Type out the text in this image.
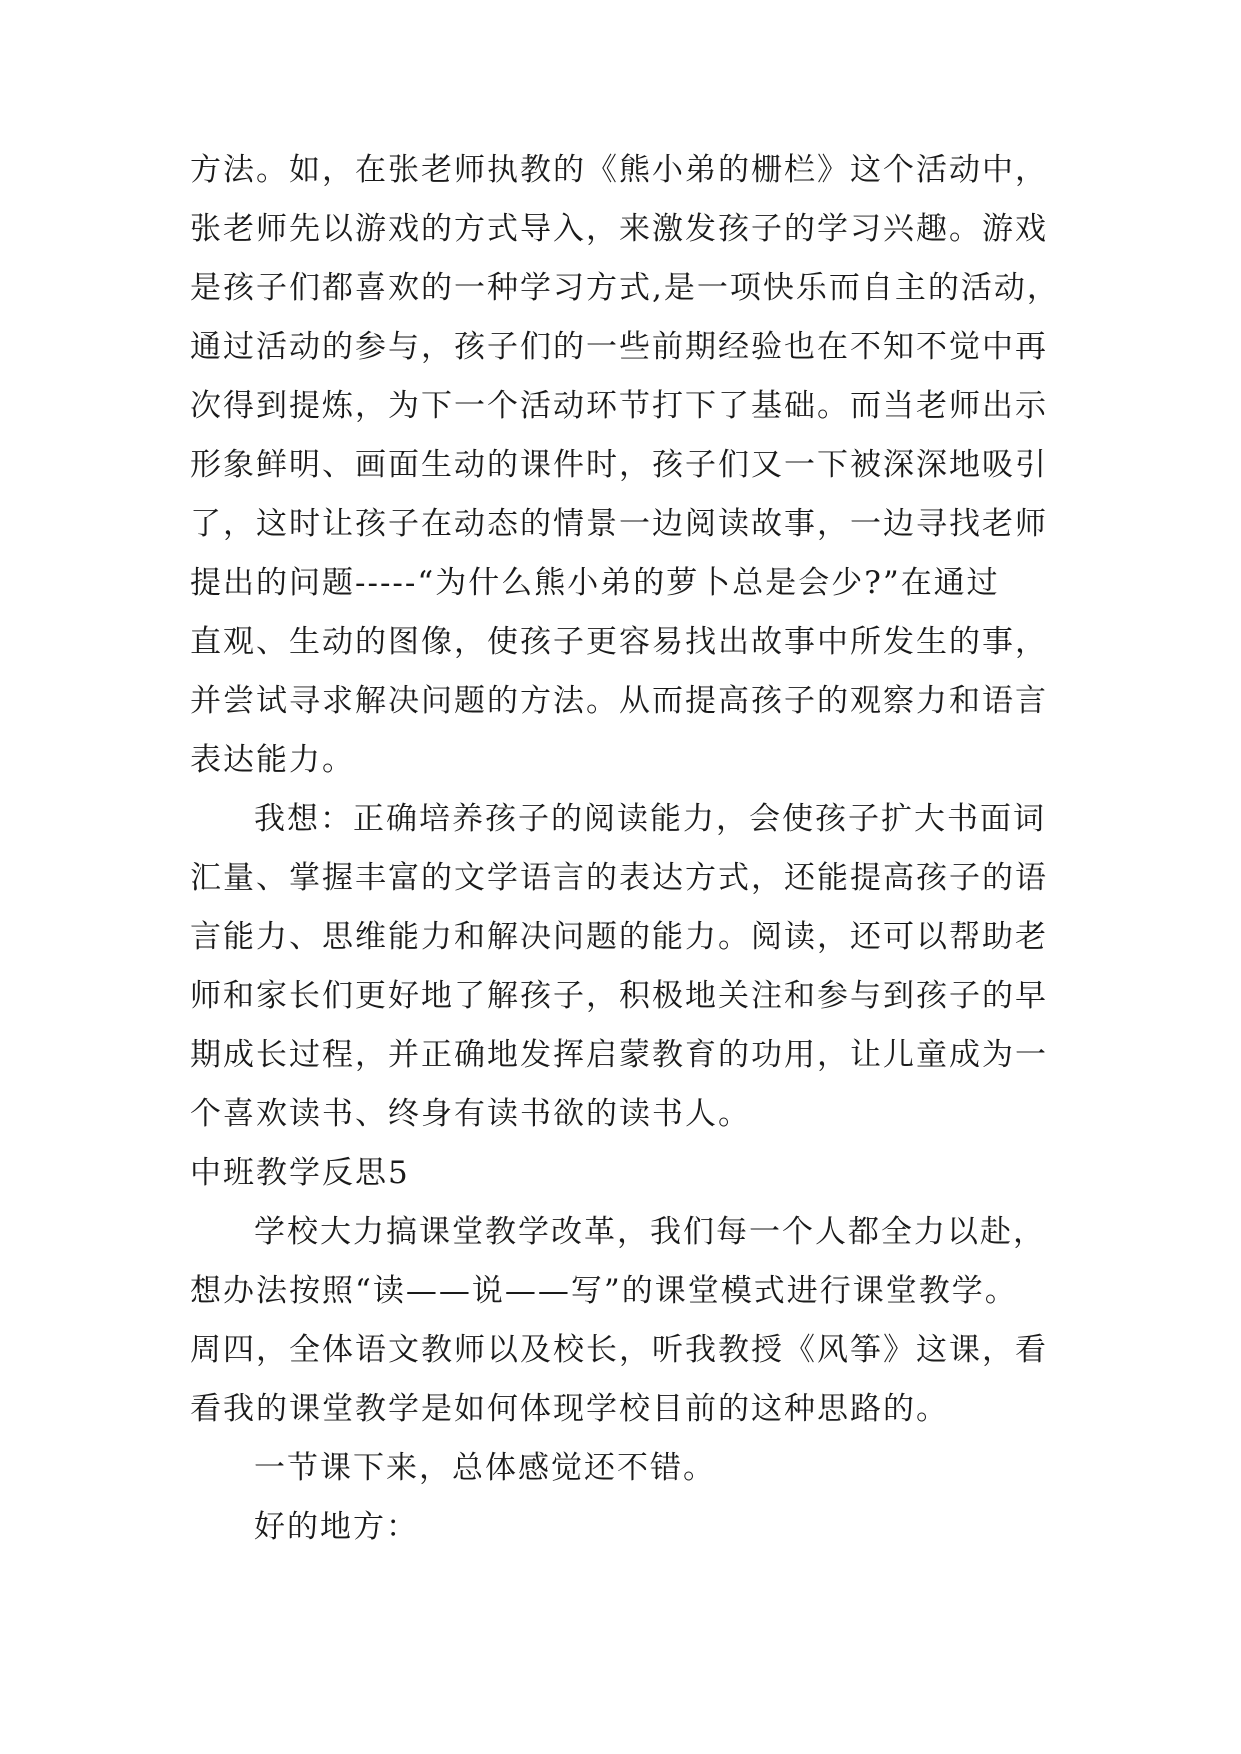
方法。如，在张老师执教的《熊小弟的栅栏》这个活动中，
张老师先以游戏的方式导入，来激发孩子的学习兴趣。游戏
是孩子们都喜欢的一种学习方式,是一项快乐而自主的活动，
通过活动的参与，孩子们的一些前期经验也在不知不觉中再
次得到提炼，为下一个活动环节打下了基础。而当老师出示
形象鲜明、画面生动的课件时，孩子们又一下被深深地吸引
了，这时让孩子在动态的情景一边阅读故事，一边寻找老师
提出的问题-----“为什么熊小弟的萝卜总是会少?”在通过
直观、生动的图像，使孩子更容易找出故事中所发生的事，
并尝试寻求解决问题的方法。从而提高孩子的观察力和语言
表达能力。
我想：正确培养孩子的阅读能力，会使孩子扩大书面词
汇量、掌握丰富的文学语言的表达方式，还能提高孩子的语
言能力、思维能力和解决问题的能力。阅读，还可以帮助老
师和家长们更好地了解孩子，积极地关注和参与到孩子的早
期成长过程，并正确地发挥启蒙教育的功用，让儿童成为一
个喜欢读书、终身有读书欲的读书人。
中班教学反思5
学校大力搞课堂教学改革，我们每一个人都全力以赴，
想办法按照“读——说——写”的课堂模式进行课堂教学。
周四，全体语文教师以及校长，听我教授《风筝》这课，看
看我的课堂教学是如何体现学校目前的这种思路的。
一节课下来，总体感觉还不错。
好的地方：
